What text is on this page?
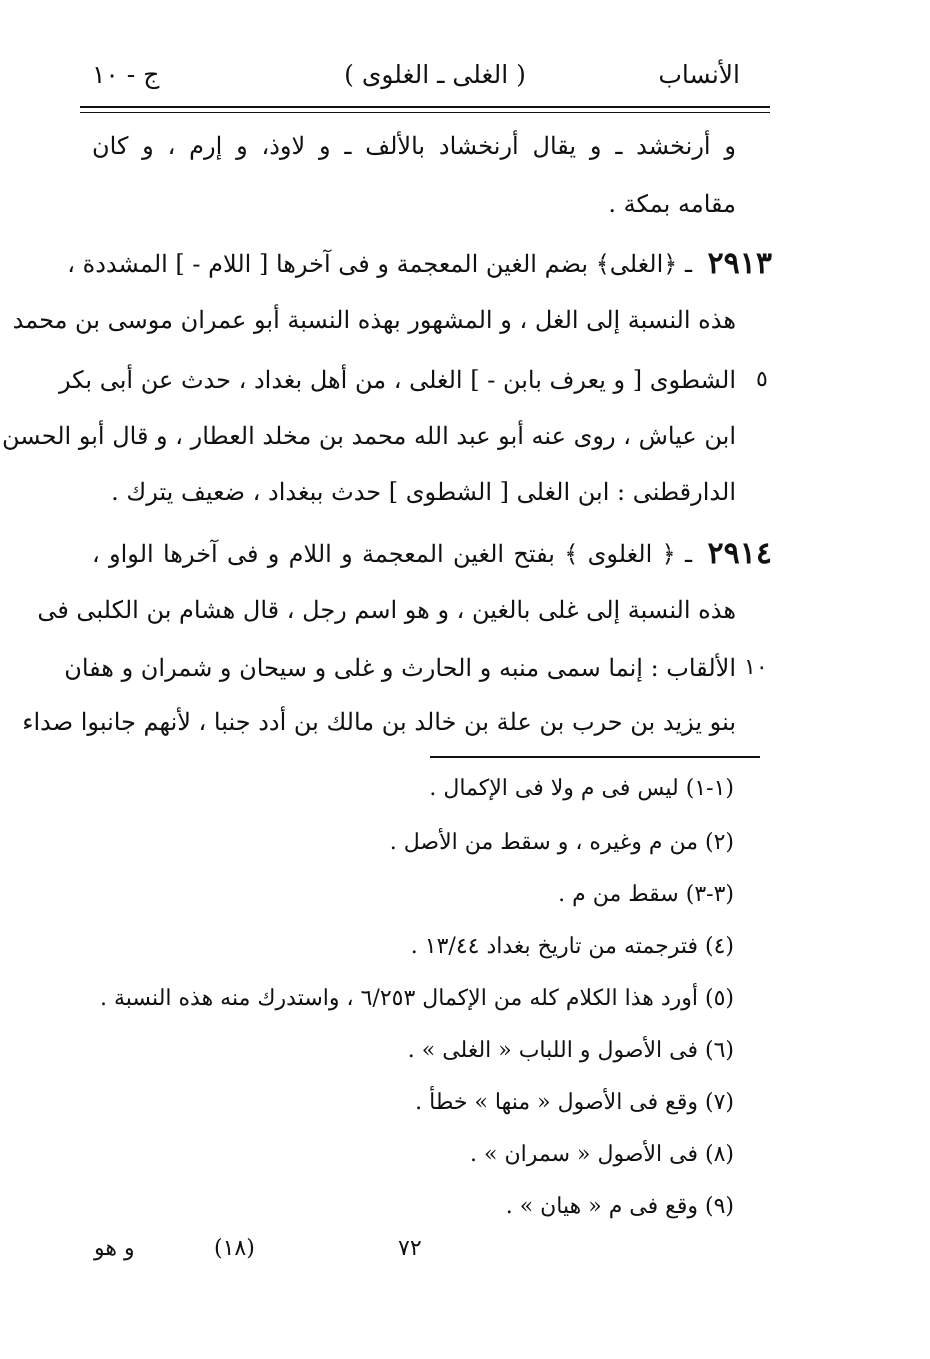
الأنساب
( الغلى ـ الغلوى )
ج - ١٠
و أرنخشد ـ و يقال أرنخشاد بالألف ـ و لاوذ، و إرم ، و كان
مقامه بمكة .
٢٩١٣
ـ ﴿الغلى﴾ بضم الغين المعجمة و فى آخرها [ اللام - ] المشددة ،
هذه النسبة إلى الغل ، و المشهور بهذه النسبة أبو عمران موسى بن محمد
٥
الشطوى [ و يعرف بابن - ] الغلى ، من أهل بغداد ، حدث عن أبى بكر
ابن عياش ، روى عنه أبو عبد الله محمد بن مخلد العطار ، و قال أبو الحسن
الدارقطنى : ابن الغلى [ الشطوى ] حدث ببغداد ، ضعيف يترك .
٢٩١٤
ـ ﴿ الغلوى ﴾ بفتح الغين المعجمة و اللام و فى آخرها الواو ،
هذه النسبة إلى غلى بالغين ، و هو اسم رجل ، قال هشام بن الكلبى فى
١٠
الألقاب : إنما سمى منبه و الحارث و غلى و سيحان و شمران و هفان
بنو يزيد بن حرب بن علة بن خالد بن مالك بن أدد جنبا ، لأنهم جانبوا صداء
(١-١) ليس فى م ولا فى الإكمال .
(٢) من م وغيره ، و سقط من الأصل .
(٣-٣) سقط من م .
(٤) فترجمته من تاريخ بغداد ١٣/٤٤ .
(٥) أورد هذا الكلام كله من الإكمال ٦/٢٥٣ ، واستدرك منه هذه النسبة .
(٦) فى الأصول و اللباب « الغلى » .
(٧) وقع فى الأصول « منها » خطأ .
(٨) فى الأصول « سمران » .
(٩) وقع فى م « هيان » .
٧٢
(١٨)
و هو
